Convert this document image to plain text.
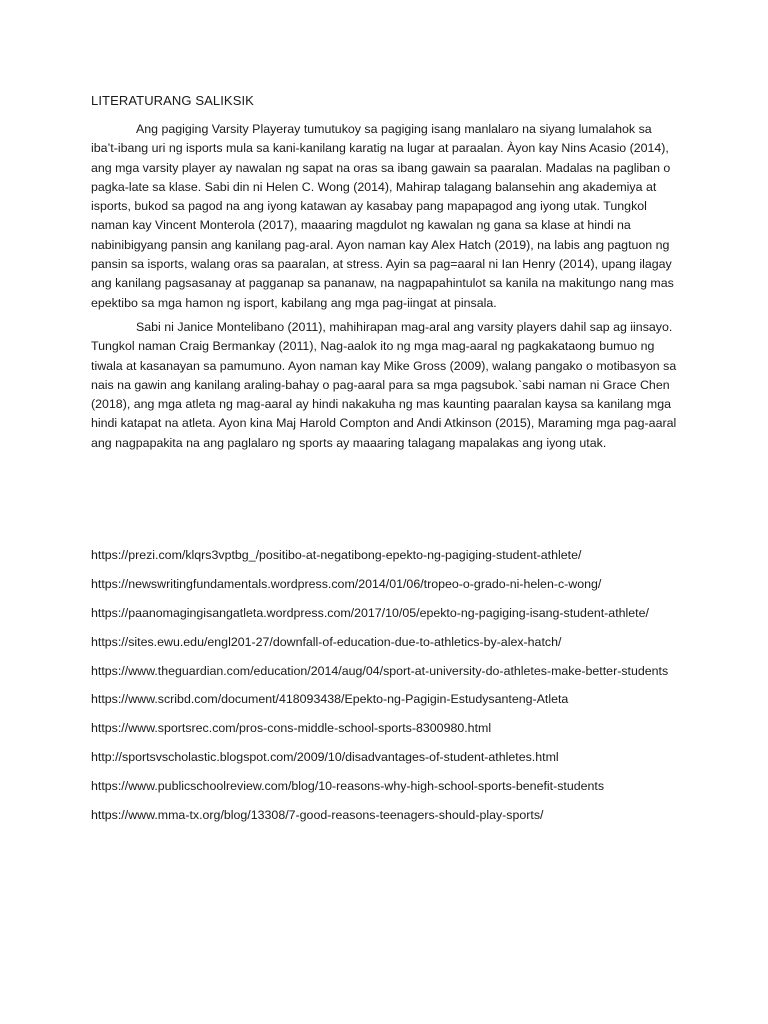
LITERATURANG SALIKSIK

Ang pagiging Varsity Playeray tumutukoy sa pagiging isang manlalaro na siyang lumalahok sa iba’t-ibang uri ng isports mula sa kani-kanilang karatig na lugar at paraalan. Àyon kay Nins Acasio (2014), ang mga varsity player ay nawalan ng sapat na oras sa ibang gawain sa paaralan. Madalas na pagliban o pagka-late sa klase. Sabi din ni Helen C. Wong (2014), Mahirap talagang balansehin ang akademiya at isports, bukod sa pagod na ang iyong katawan ay kasabay pang mapapagod ang iyong utak. Tungkol naman kay Vincent Monterola (2017), maaaring magdulot ng kawalan ng gana sa klase at hindi na nabinibigyang pansin ang kanilang pag-aral. Ayon naman kay Alex Hatch (2019), na labis ang pagtuon ng pansin sa isports, walang oras sa paaralan, at stress. Ayin sa pag=aaral ni Ian Henry (2014), upang ilagay ang kanilang pagsasanay at pagganap sa pananaw, na nagpapahintulot sa kanila na makitungo nang mas epektibo sa mga hamon ng isport, kabilang ang mga pag-iingat at pinsala.

Sabi ni Janice Montelibano (2011), mahihirapan mag-aral ang varsity players dahil sap ag iinsayo. Tungkol naman Craig Bermankay (2011), Nag-aalok ito ng mga mag-aaral ng pagkakataong bumuo ng tiwala at kasanayan sa pamumuno. Ayon naman kay Mike Gross (2009), walang pangako o motibasyon sa nais na gawin ang kanilang araling-bahay o pag-aaral para sa mga pagsubok.`sabi naman ni Grace Chen (2018), ang mga atleta ng mag-aaral ay hindi nakakuha ng mas kaunting paaralan kaysa sa kanilang mga hindi katapat na atleta. Ayon kina Maj Harold Compton and Andi Atkinson (2015), Maraming mga pag-aaral ang nagpapakita na ang paglalaro ng sports ay maaaring talagang mapalakas ang iyong utak.

https://prezi.com/klqrs3vptbg_/positibo-at-negatibong-epekto-ng-pagiging-student-athlete/
https://newswritingfundamentals.wordpress.com/2014/01/06/tropeo-o-grado-ni-helen-c-wong/
https://paanomagingisangatleta.wordpress.com/2017/10/05/epekto-ng-pagiging-isang-student-athlete/
https://sites.ewu.edu/engl201-27/downfall-of-education-due-to-athletics-by-alex-hatch/
https://www.theguardian.com/education/2014/aug/04/sport-at-university-do-athletes-make-better-students
https://www.scribd.com/document/418093438/Epekto-ng-Pagigin-Estudysanteng-Atleta
https://www.sportsrec.com/pros-cons-middle-school-sports-8300980.html
http://sportsvscholastic.blogspot.com/2009/10/disadvantages-of-student-athletes.html
https://www.publicschoolreview.com/blog/10-reasons-why-high-school-sports-benefit-students
https://www.mma-tx.org/blog/13308/7-good-reasons-teenagers-should-play-sports/
